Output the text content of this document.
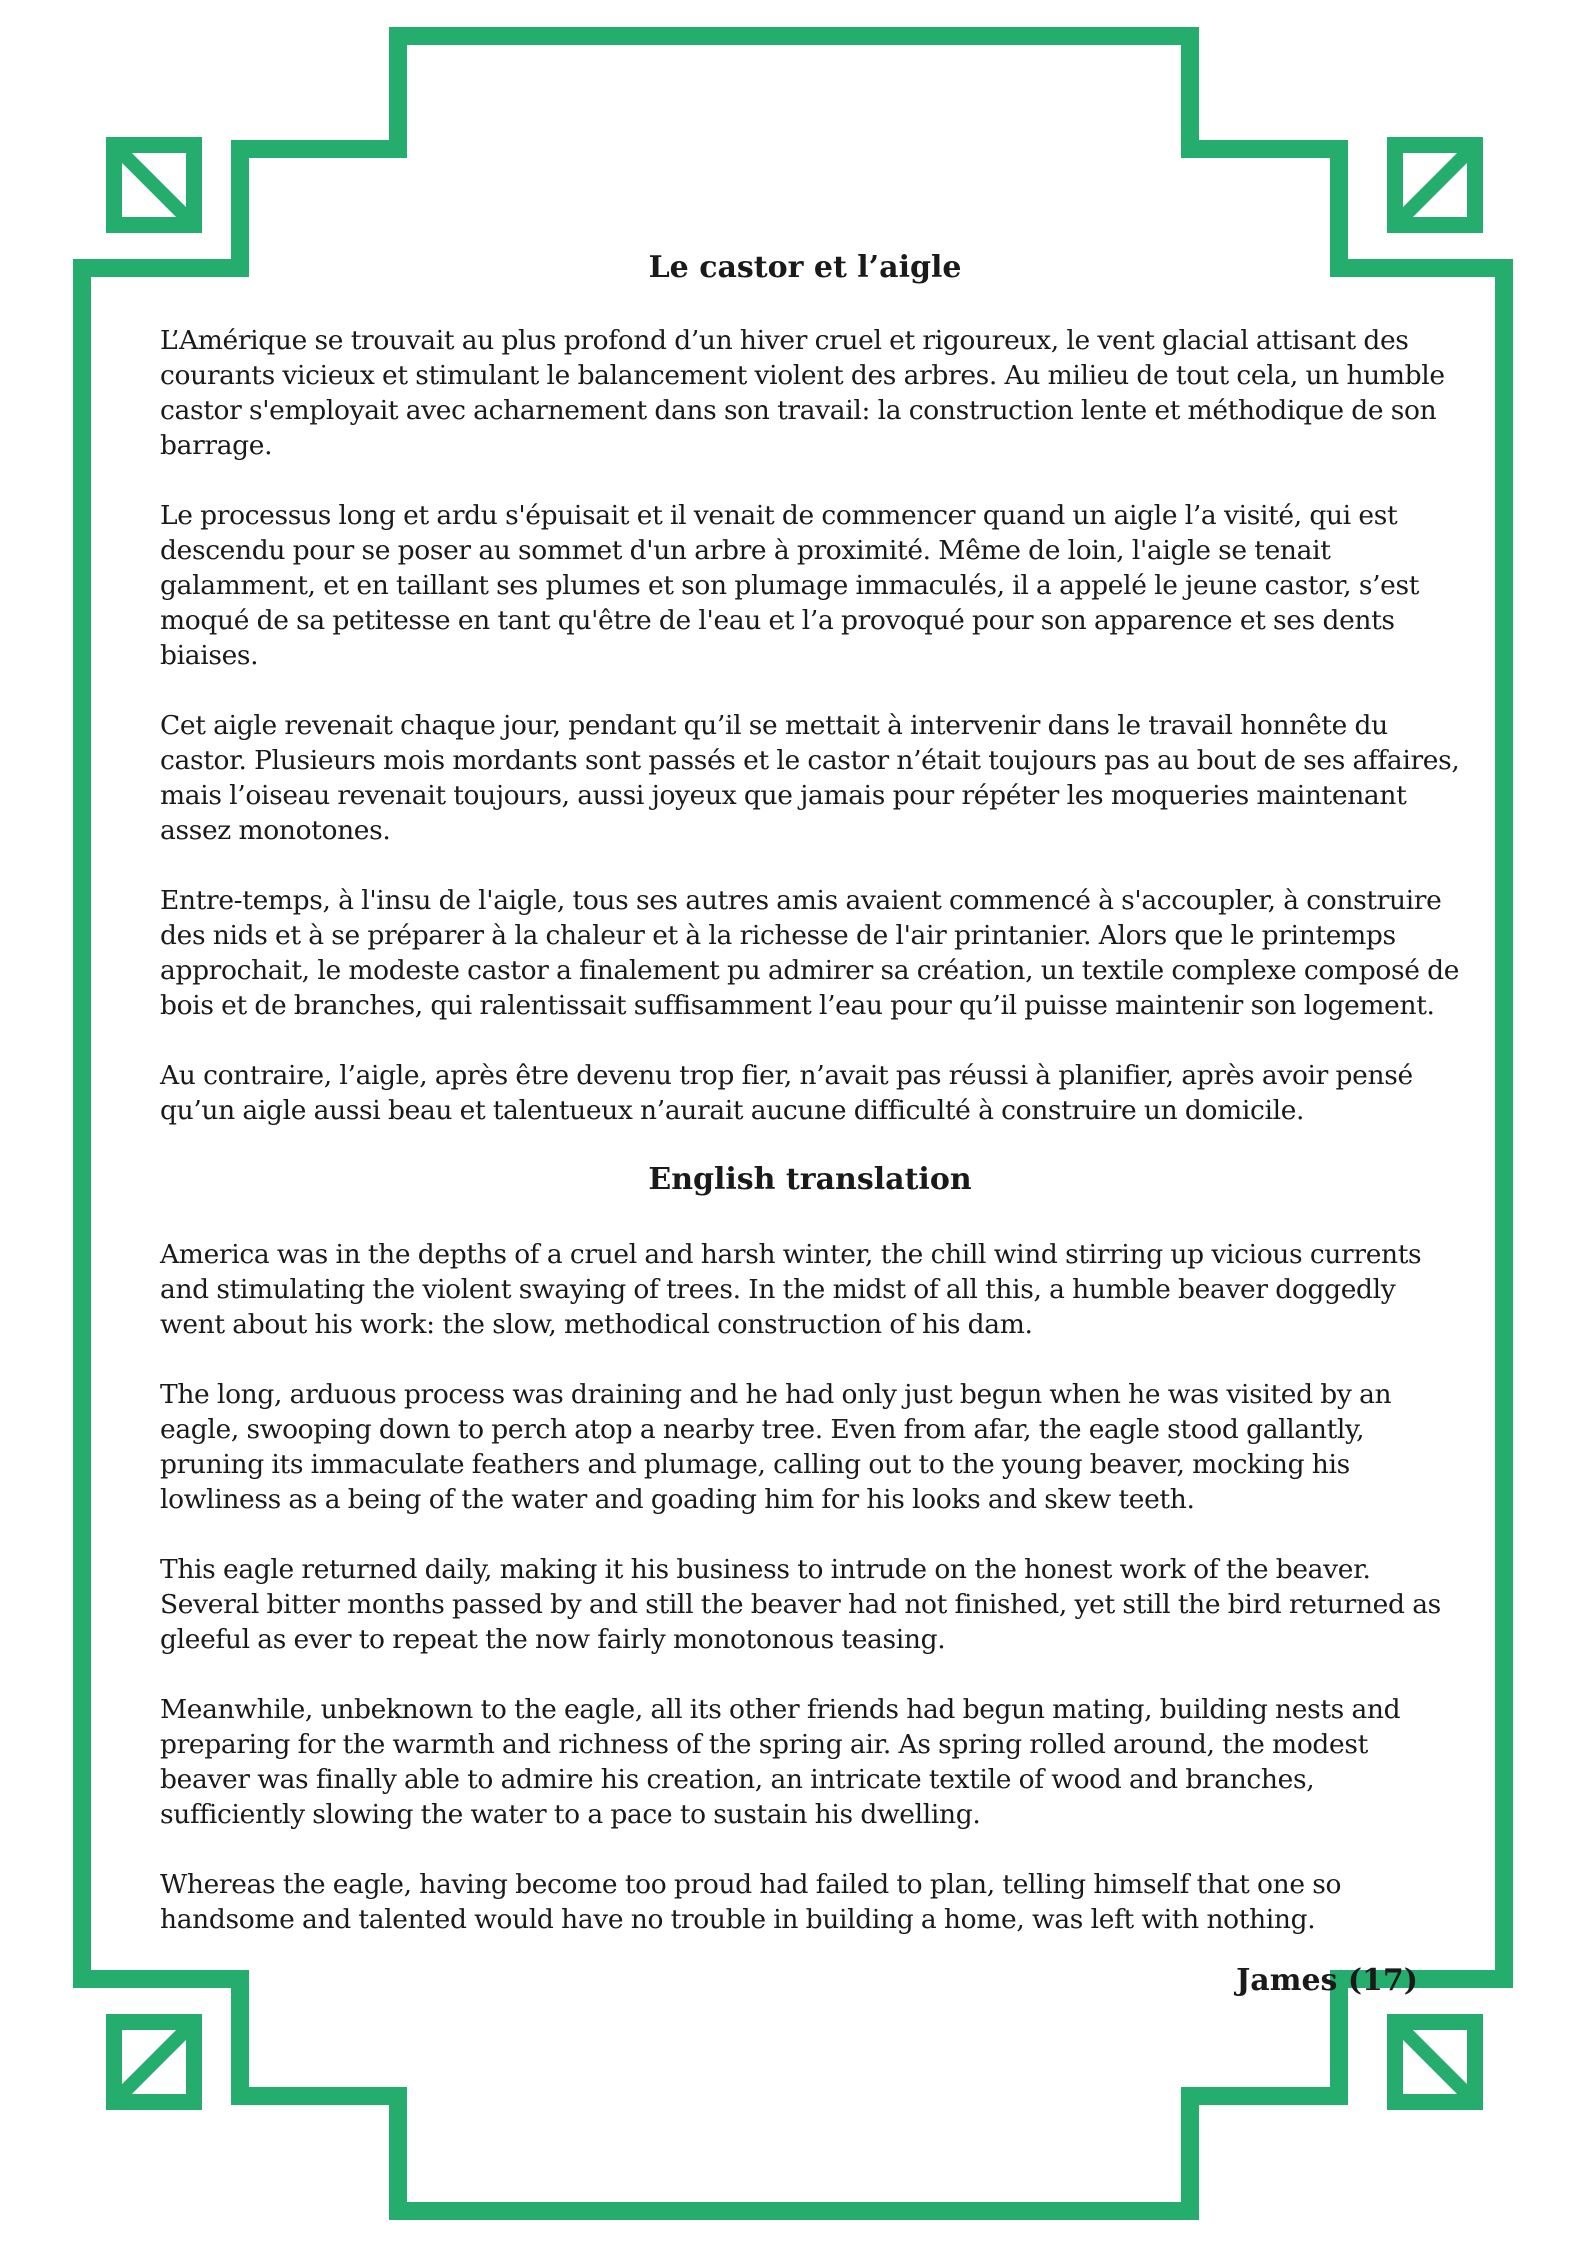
Le castor et l’aigle

L’Amérique se trouvait au plus profond d’un hiver cruel et rigoureux, le vent glacial attisant des courants vicieux et stimulant le balancement violent des arbres. Au milieu de tout cela, un humble castor s'employait avec acharnement dans son travail: la construction lente et méthodique de son barrage.

Le processus long et ardu s'épuisait et il venait de commencer quand un aigle l’a visité, qui est descendu pour se poser au sommet d'un arbre à proximité. Même de loin, l'aigle se tenait galamment, et en taillant ses plumes et son plumage immaculés, il a appelé le jeune castor, s’est moqué de sa petitesse en tant qu'être de l'eau et l’a provoqué pour son apparence et ses dents biaises.

Cet aigle revenait chaque jour, pendant qu’il se mettait à intervenir dans le travail honnête du castor. Plusieurs mois mordants sont passés et le castor n’était toujours pas au bout de ses affaires, mais l’oiseau revenait toujours, aussi joyeux que jamais pour répéter les moqueries maintenant assez monotones.

Entre-temps, à l'insu de l'aigle, tous ses autres amis avaient commencé à s'accoupler, à construire des nids et à se préparer à la chaleur et à la richesse de l'air printanier. Alors que le printemps approchait, le modeste castor a finalement pu admirer sa création, un textile complexe composé de bois et de branches, qui ralentissait suffisamment l’eau pour qu’il puisse maintenir son logement.

Au contraire, l’aigle, après être devenu trop fier, n’avait pas réussi à planifier, après avoir pensé qu’un aigle aussi beau et talentueux n’aurait aucune difficulté à construire un domicile.

English translation

America was in the depths of a cruel and harsh winter, the chill wind stirring up vicious currents and stimulating the violent swaying of trees. In the midst of all this, a humble beaver doggedly went about his work: the slow, methodical construction of his dam.

The long, arduous process was draining and he had only just begun when he was visited by an eagle, swooping down to perch atop a nearby tree. Even from afar, the eagle stood gallantly, pruning its immaculate feathers and plumage, calling out to the young beaver, mocking his lowliness as a being of the water and goading him for his looks and skew teeth.

This eagle returned daily, making it his business to intrude on the honest work of the beaver. Several bitter months passed by and still the beaver had not finished, yet still the bird returned as gleeful as ever to repeat the now fairly monotonous teasing.

Meanwhile, unbeknown to the eagle, all its other friends had begun mating, building nests and preparing for the warmth and richness of the spring air. As spring rolled around, the modest beaver was finally able to admire his creation, an intricate textile of wood and branches, sufficiently slowing the water to a pace to sustain his dwelling.

Whereas the eagle, having become too proud had failed to plan, telling himself that one so handsome and talented would have no trouble in building a home, was left with nothing.

James (17)
